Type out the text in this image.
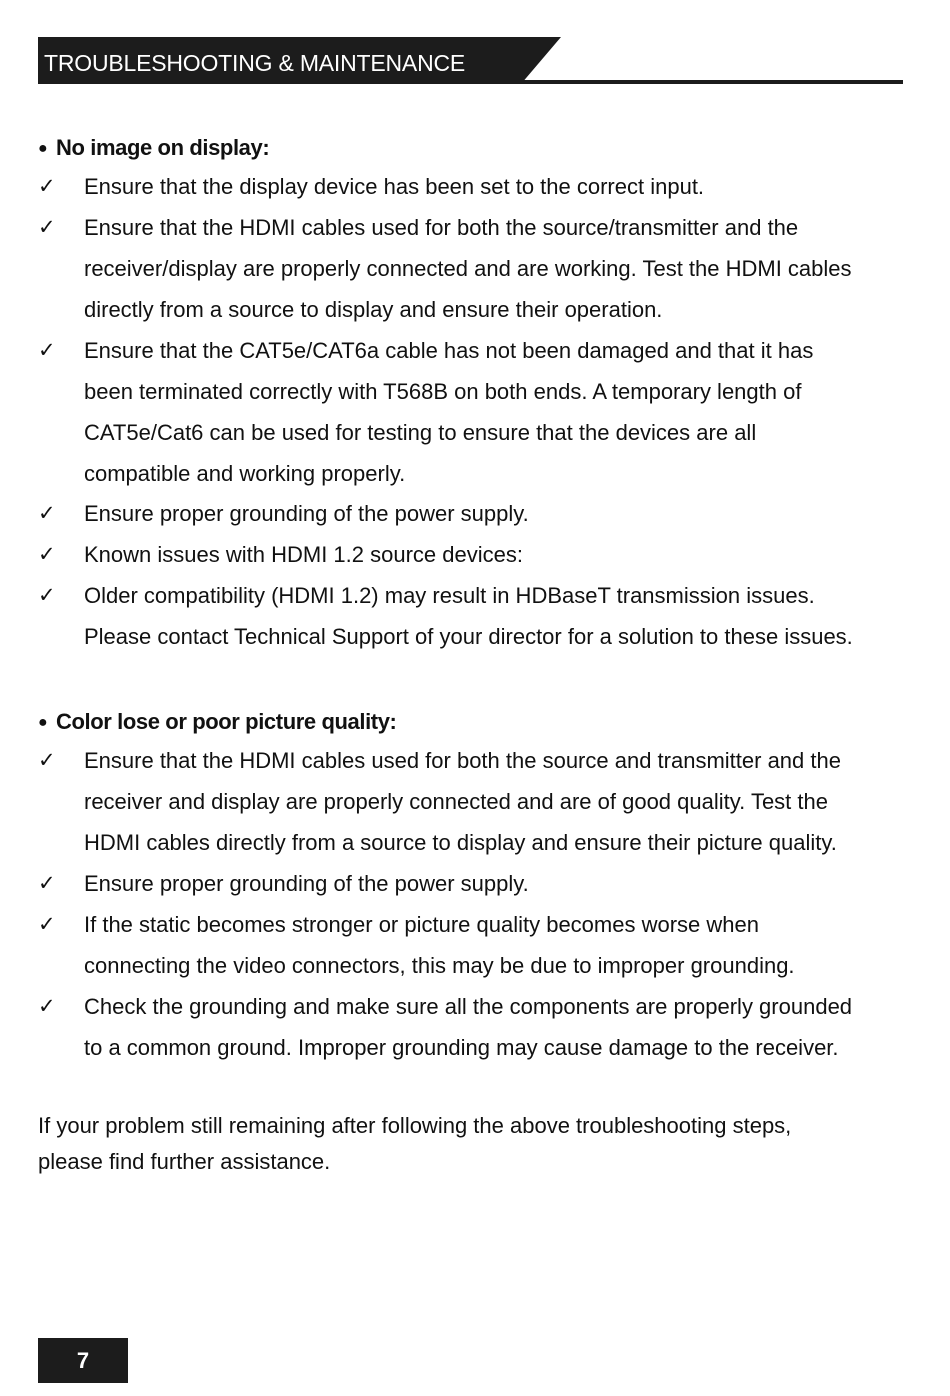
TROUBLESHOOTING & MAINTENANCE
● No image on display:
✓ Ensure that the display device has been set to the correct input.
✓ Ensure that the HDMI cables used for both the source/transmitter and the
receiver/display are properly connected and are working. Test the HDMI cables
directly from a source to display and ensure their operation.
✓ Ensure that the CAT5e/CAT6a cable has not been damaged and that it has
been terminated correctly with T568B on both ends. A temporary length of
CAT5e/Cat6 can be used for testing to ensure that the devices are all
compatible and working properly.
✓ Ensure proper grounding of the power supply.
✓ Known issues with HDMI 1.2 source devices:
✓ Older compatibility (HDMI 1.2) may result in HDBaseT transmission issues.
Please contact Technical Support of your director for a solution to these issues.
● Color lose or poor picture quality:
✓ Ensure that the HDMI cables used for both the source and transmitter and the
receiver and display are properly connected and are of good quality. Test the
HDMI cables directly from a source to display and ensure their picture quality.
✓ Ensure proper grounding of the power supply.
✓ If the static becomes stronger or picture quality becomes worse when
connecting the video connectors, this may be due to improper grounding.
✓ Check the grounding and make sure all the components are properly grounded
to a common ground. Improper grounding may cause damage to the receiver.
If your problem still remaining after following the above troubleshooting steps,
please find further assistance.
7
